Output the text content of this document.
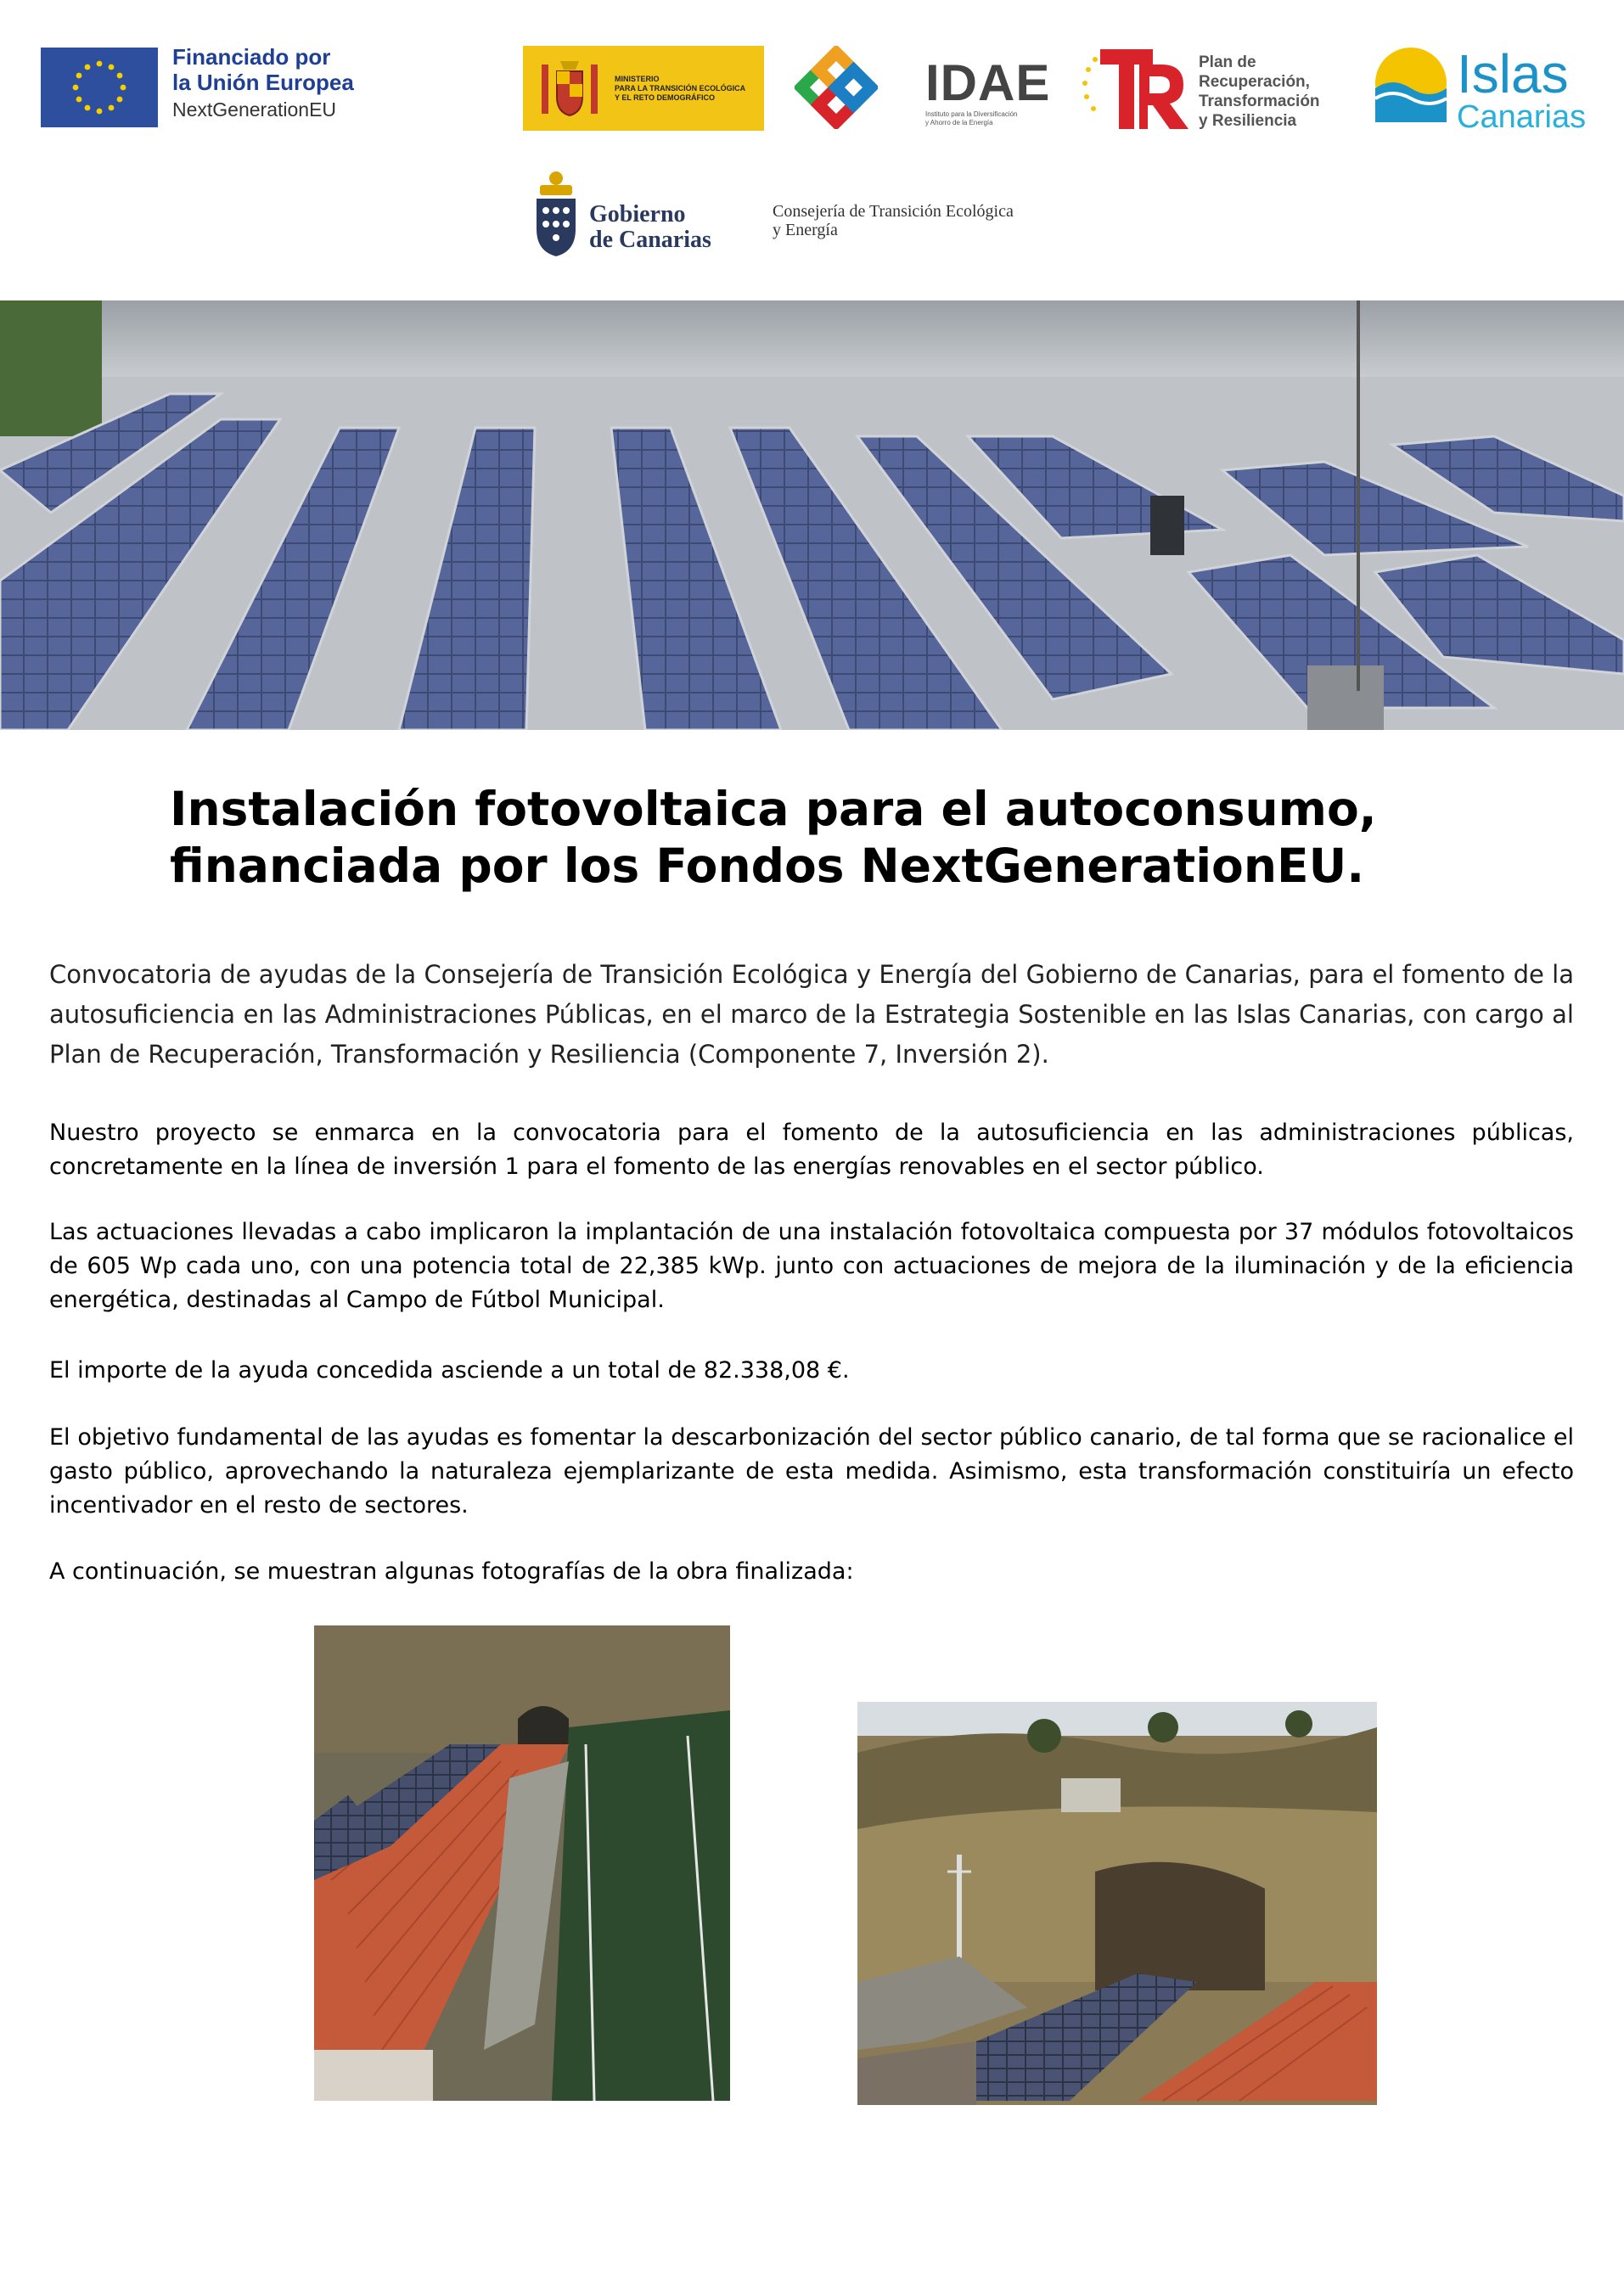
Financiado por
la Unión Europea
NextGenerationEU
MINISTERIO
PARA LA TRANSICIÓN ECOLÓGICA
Y EL RETO DEMOGRÁFICO	IDAE
Instituto para la Diversificación
y Ahorro de la Energía
Plan de
Recuperación,
Transformación
y Resiliencia
Islas
Canarias
Gobierno
de Canarias
Consejería de Transición Ecológica
y Energía
Instalación fotovoltaica para el autoconsumo,
financiada por los Fondos NextGenerationEU.

Convocatoria de ayudas de la Consejería de Transición Ecológica y Energía del Gobierno de Canarias, para el fomento de la autosuficiencia en las Administraciones Públicas, en el marco de la Estrategia Sostenible en las Islas Canarias, con cargo al Plan de Recuperación, Transformación y Resiliencia (Componente 7, Inversión 2).

Nuestro proyecto se enmarca en la convocatoria para el fomento de la autosuficiencia en las administraciones públicas, concretamente en la línea de inversión 1 para el fomento de las energías renovables en el sector público.

Las actuaciones llevadas a cabo implicaron la implantación de una instalación fotovoltaica compuesta por 37 módulos fotovoltaicos de 605 Wp cada uno, con una potencia total de 22,385 kWp. junto con actuaciones de mejora de la iluminación y de la eficiencia energética, destinadas al Campo de Fútbol Municipal.

El importe de la ayuda concedida asciende a un total de 82.338,08 €.

El objetivo fundamental de las ayudas es fomentar la descarbonización del sector público canario, de tal forma que se racionalice el gasto público, aprovechando la naturaleza ejemplarizante de esta medida. Asimismo, esta transformación constituiría un efecto incentivador en el resto de sectores.

A continuación, se muestran algunas fotografías de la obra finalizada:
